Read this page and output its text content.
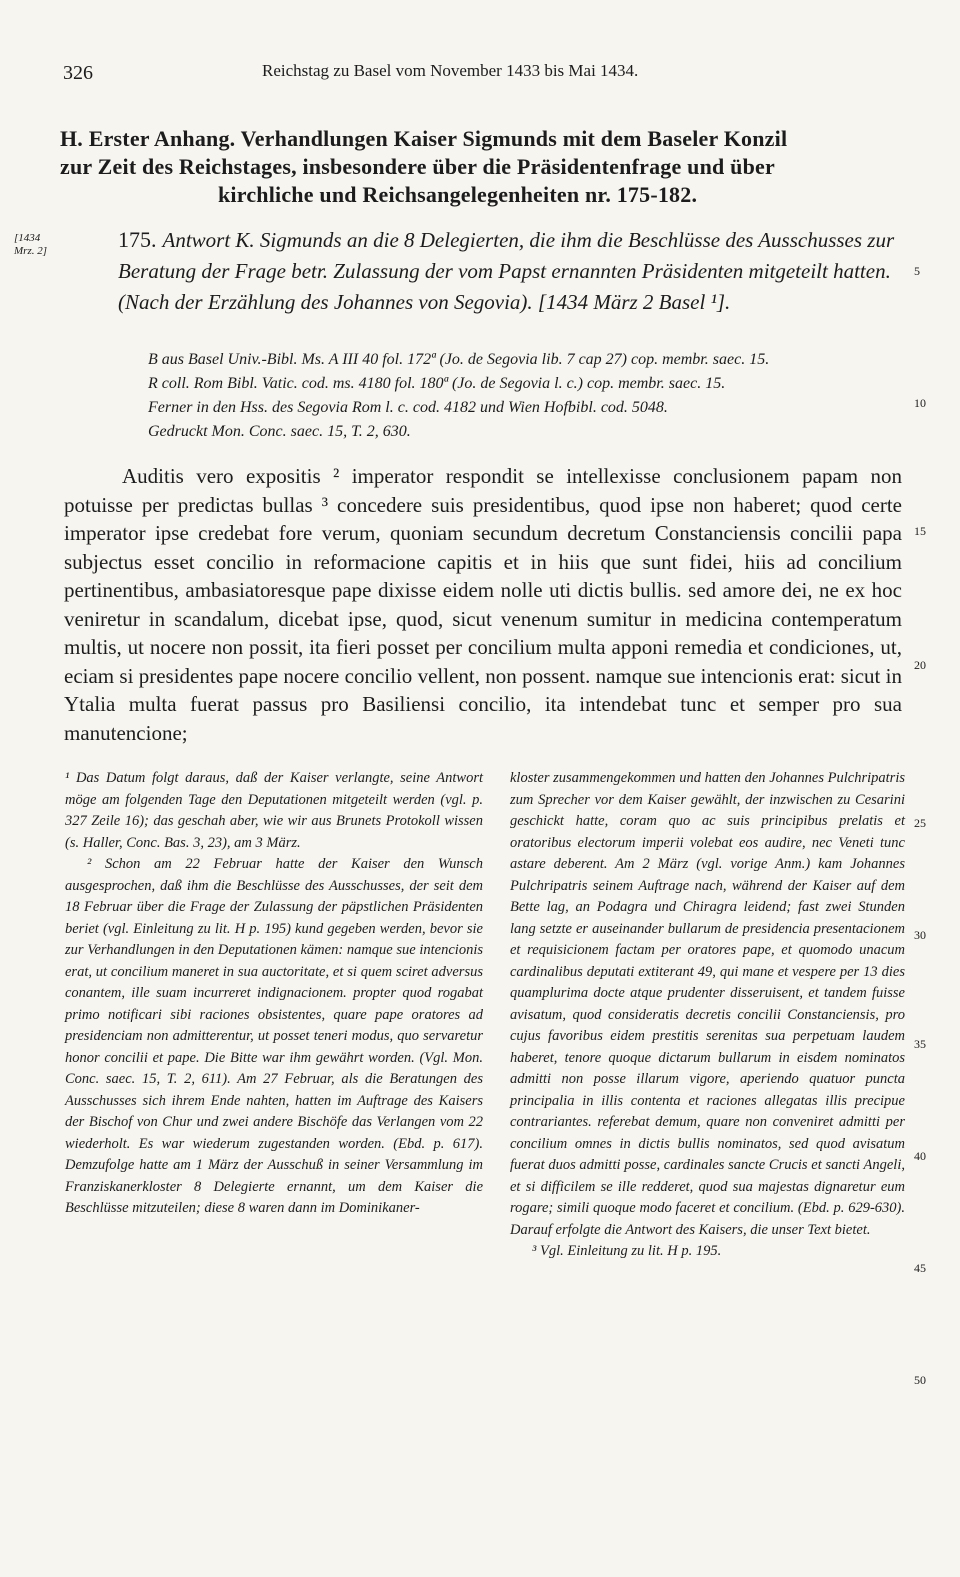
326	Reichstag zu Basel vom November 1433 bis Mai 1434.
H. Erster Anhang. Verhandlungen Kaiser Sigmunds mit dem Baseler Konzil
zur Zeit des Reichstages, insbesondere über die Präsidentenfrage und über
kirchliche und Reichsangelegenheiten nr. 175-182.
[1434
Mrz. 2]	175. Antwort K. Sigmunds an die 8 Delegierten, die ihm die Beschlüsse des Ausschusses zur Beratung der Frage betr. Zulassung der vom Papst ernannten Präsidenten mitgeteilt hatten. (Nach der Erzählung des Johannes von Segovia). [1434 März 2 Basel ¹].
B aus Basel Univ.-Bibl. Ms. A III 40 fol. 172ª (Jo. de Segovia lib. 7 cap 27) cop. membr. saec. 15.
R coll. Rom Bibl. Vatic. cod. ms. 4180 fol. 180ª (Jo. de Segovia l. c.) cop. membr. saec. 15.
Ferner in den Hss. des Segovia Rom l. c. cod. 4182 und Wien Hofbibl. cod. 5048.
Gedruckt Mon. Conc. saec. 15, T. 2, 630.

Auditis vero expositis ² imperator respondit se intellexisse conclusionem papam non potuisse per predictas bullas ³ concedere suis presidentibus, quod ipse non haberet; quod certe imperator ipse credebat fore verum, quoniam secundum decretum Constanciensis concilii papa subjectus esset concilio in reformacione capitis et in hiis que sunt fidei, hiis ad concilium pertinentibus, ambasiatoresque pape dixisse eidem nolle uti dictis bullis. sed amore dei, ne ex hoc veniretur in scandalum, dicebat ipse, quod, sicut venenum sumitur in medicina contemperatum multis, ut nocere non possit, ita fieri posset per concilium multa apponi remedia et condiciones, ut, eciam si presidentes pape nocere concilio vellent, non possent. namque sue intencionis erat: sicut in Ytalia multa fuerat passus pro Basiliensi concilio, ita intendebat tunc et semper pro sua manutencione;

¹ Das Datum folgt daraus, daß der Kaiser verlangte, seine Antwort möge am folgenden Tage den Deputationen mitgeteilt werden (vgl. p. 327 Zeile 16); das geschah aber, wie wir aus Brunets Protokoll wissen (s. Haller, Conc. Bas. 3, 23), am 3 März.

² Schon am 22 Februar hatte der Kaiser den Wunsch ausgesprochen, daß ihm die Beschlüsse des Ausschusses, der seit dem 18 Februar über die Frage der Zulassung der päpstlichen Präsidenten beriet (vgl. Einleitung zu lit. H p. 195) kund gegeben werden, bevor sie zur Verhandlungen in den Deputationen kämen: namque sue intencionis erat, ut concilium maneret in sua auctoritate, et si quem sciret adversus conantem, ille suam incurreret indignacionem. propter quod rogabat primo notificari sibi raciones obsistentes, quare pape oratores ad presidenciam non admitterentur, ut posset teneri modus, quo servaretur honor concilii et pape. Die Bitte war ihm gewährt worden. (Vgl. Mon. Conc. saec. 15, T. 2, 611). Am 27 Februar, als die Beratungen des Ausschusses sich ihrem Ende nahten, hatten im Auftrage des Kaisers der Bischof von Chur und zwei andere Bischöfe das Verlangen vom 22 wiederholt. Es war wiederum zugestanden worden. (Ebd. p. 617). Demzufolge hatte am 1 März der Ausschuß in seiner Versammlung im Franziskanerkloster 8 Delegierte ernannt, um dem Kaiser die Beschlüsse mitzuteilen; diese 8 waren dann im Dominikaner-

kloster zusammengekommen und hatten den Johannes Pulchripatris zum Sprecher vor dem Kaiser gewählt, der inzwischen zu Cesarini geschickt hatte, coram quo ac suis principibus prelatis et oratoribus electorum imperii volebat eos audire, nec Veneti tunc astare deberent. Am 2 März (vgl. vorige Anm.) kam Johannes Pulchripatris seinem Auftrage nach, während der Kaiser auf dem Bette lag, an Podagra und Chiragra leidend; fast zwei Stunden lang setzte er auseinander bullarum de presidencia presentacionem et requisicionem factam per oratores pape, et quomodo unacum cardinalibus deputati extiterant 49, qui mane et vespere per 13 dies quamplurima docte atque prudenter disseruisent, et tandem fuisse avisatum, quod consideratis decretis concilii Constanciensis, pro cujus favoribus eidem prestitis serenitas sua perpetuam laudem haberet, tenore quoque dictarum bullarum in eisdem nominatos admitti non posse illarum vigore, aperiendo quatuor puncta principalia in illis contenta et raciones allegatas illis precipue contrariantes. referebat demum, quare non conveniret admitti per concilium omnes in dictis bullis nominatos, sed quod avisatum fuerat duos admitti posse, cardinales sancte Crucis et sancti Angeli, et si difficilem se ille redderet, quod sua majestas dignaretur eum rogare; simili quoque modo faceret et concilium. (Ebd. p. 629-630). Darauf erfolgte die Antwort des Kaisers, die unser Text bietet.

³ Vgl. Einleitung zu lit. H p. 195.

5
10
15
20
25
30
35
40
45
50
